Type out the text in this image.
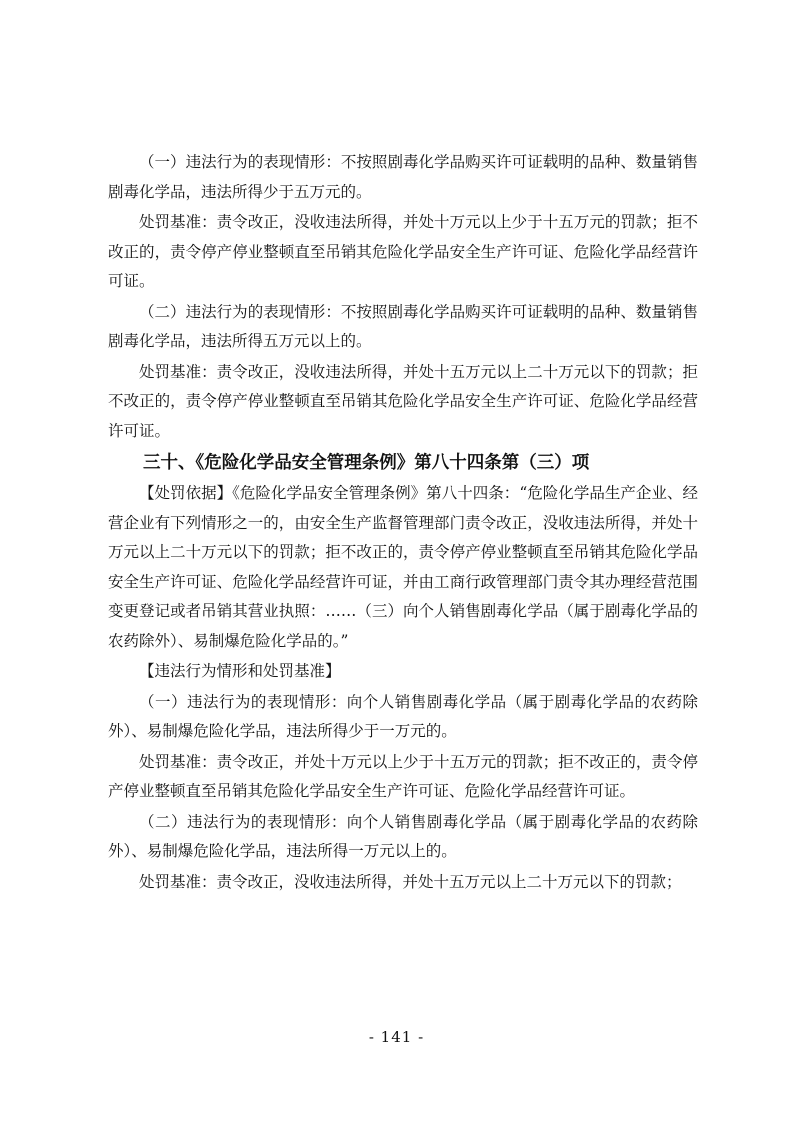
（一）违法行为的表现情形：不按照剧毒化学品购买许可证载明的品种、数量销售剧毒化学品，违法所得少于五万元的。

处罚基准：责令改正，没收违法所得，并处十万元以上少于十五万元的罚款；拒不改正的，责令停产停业整顿直至吊销其危险化学品安全生产许可证、危险化学品经营许可证。

（二）违法行为的表现情形：不按照剧毒化学品购买许可证载明的品种、数量销售剧毒化学品，违法所得五万元以上的。

处罚基准：责令改正，没收违法所得，并处十五万元以上二十万元以下的罚款；拒不改正的，责令停产停业整顿直至吊销其危险化学品安全生产许可证、危险化学品经营许可证。

三十、《危险化学品安全管理条例》第八十四条第（三）项

【处罚依据】《危险化学品安全管理条例》第八十四条：“危险化学品生产企业、经营企业有下列情形之一的，由安全生产监督管理部门责令改正，没收违法所得，并处十万元以上二十万元以下的罚款；拒不改正的，责令停产停业整顿直至吊销其危险化学品安全生产许可证、危险化学品经营许可证，并由工商行政管理部门责令其办理经营范围变更登记或者吊销其营业执照：……（三）向个人销售剧毒化学品（属于剧毒化学品的农药除外）、易制爆危险化学品的。”

【违法行为情形和处罚基准】

（一）违法行为的表现情形：向个人销售剧毒化学品（属于剧毒化学品的农药除外）、易制爆危险化学品，违法所得少于一万元的。

处罚基准：责令改正，并处十万元以上少于十五万元的罚款；拒不改正的，责令停产停业整顿直至吊销其危险化学品安全生产许可证、危险化学品经营许可证。

（二）违法行为的表现情形：向个人销售剧毒化学品（属于剧毒化学品的农药除外）、易制爆危险化学品，违法所得一万元以上的。

处罚基准：责令改正，没收违法所得，并处十五万元以上二十万元以下的罚款；

- 141 -
